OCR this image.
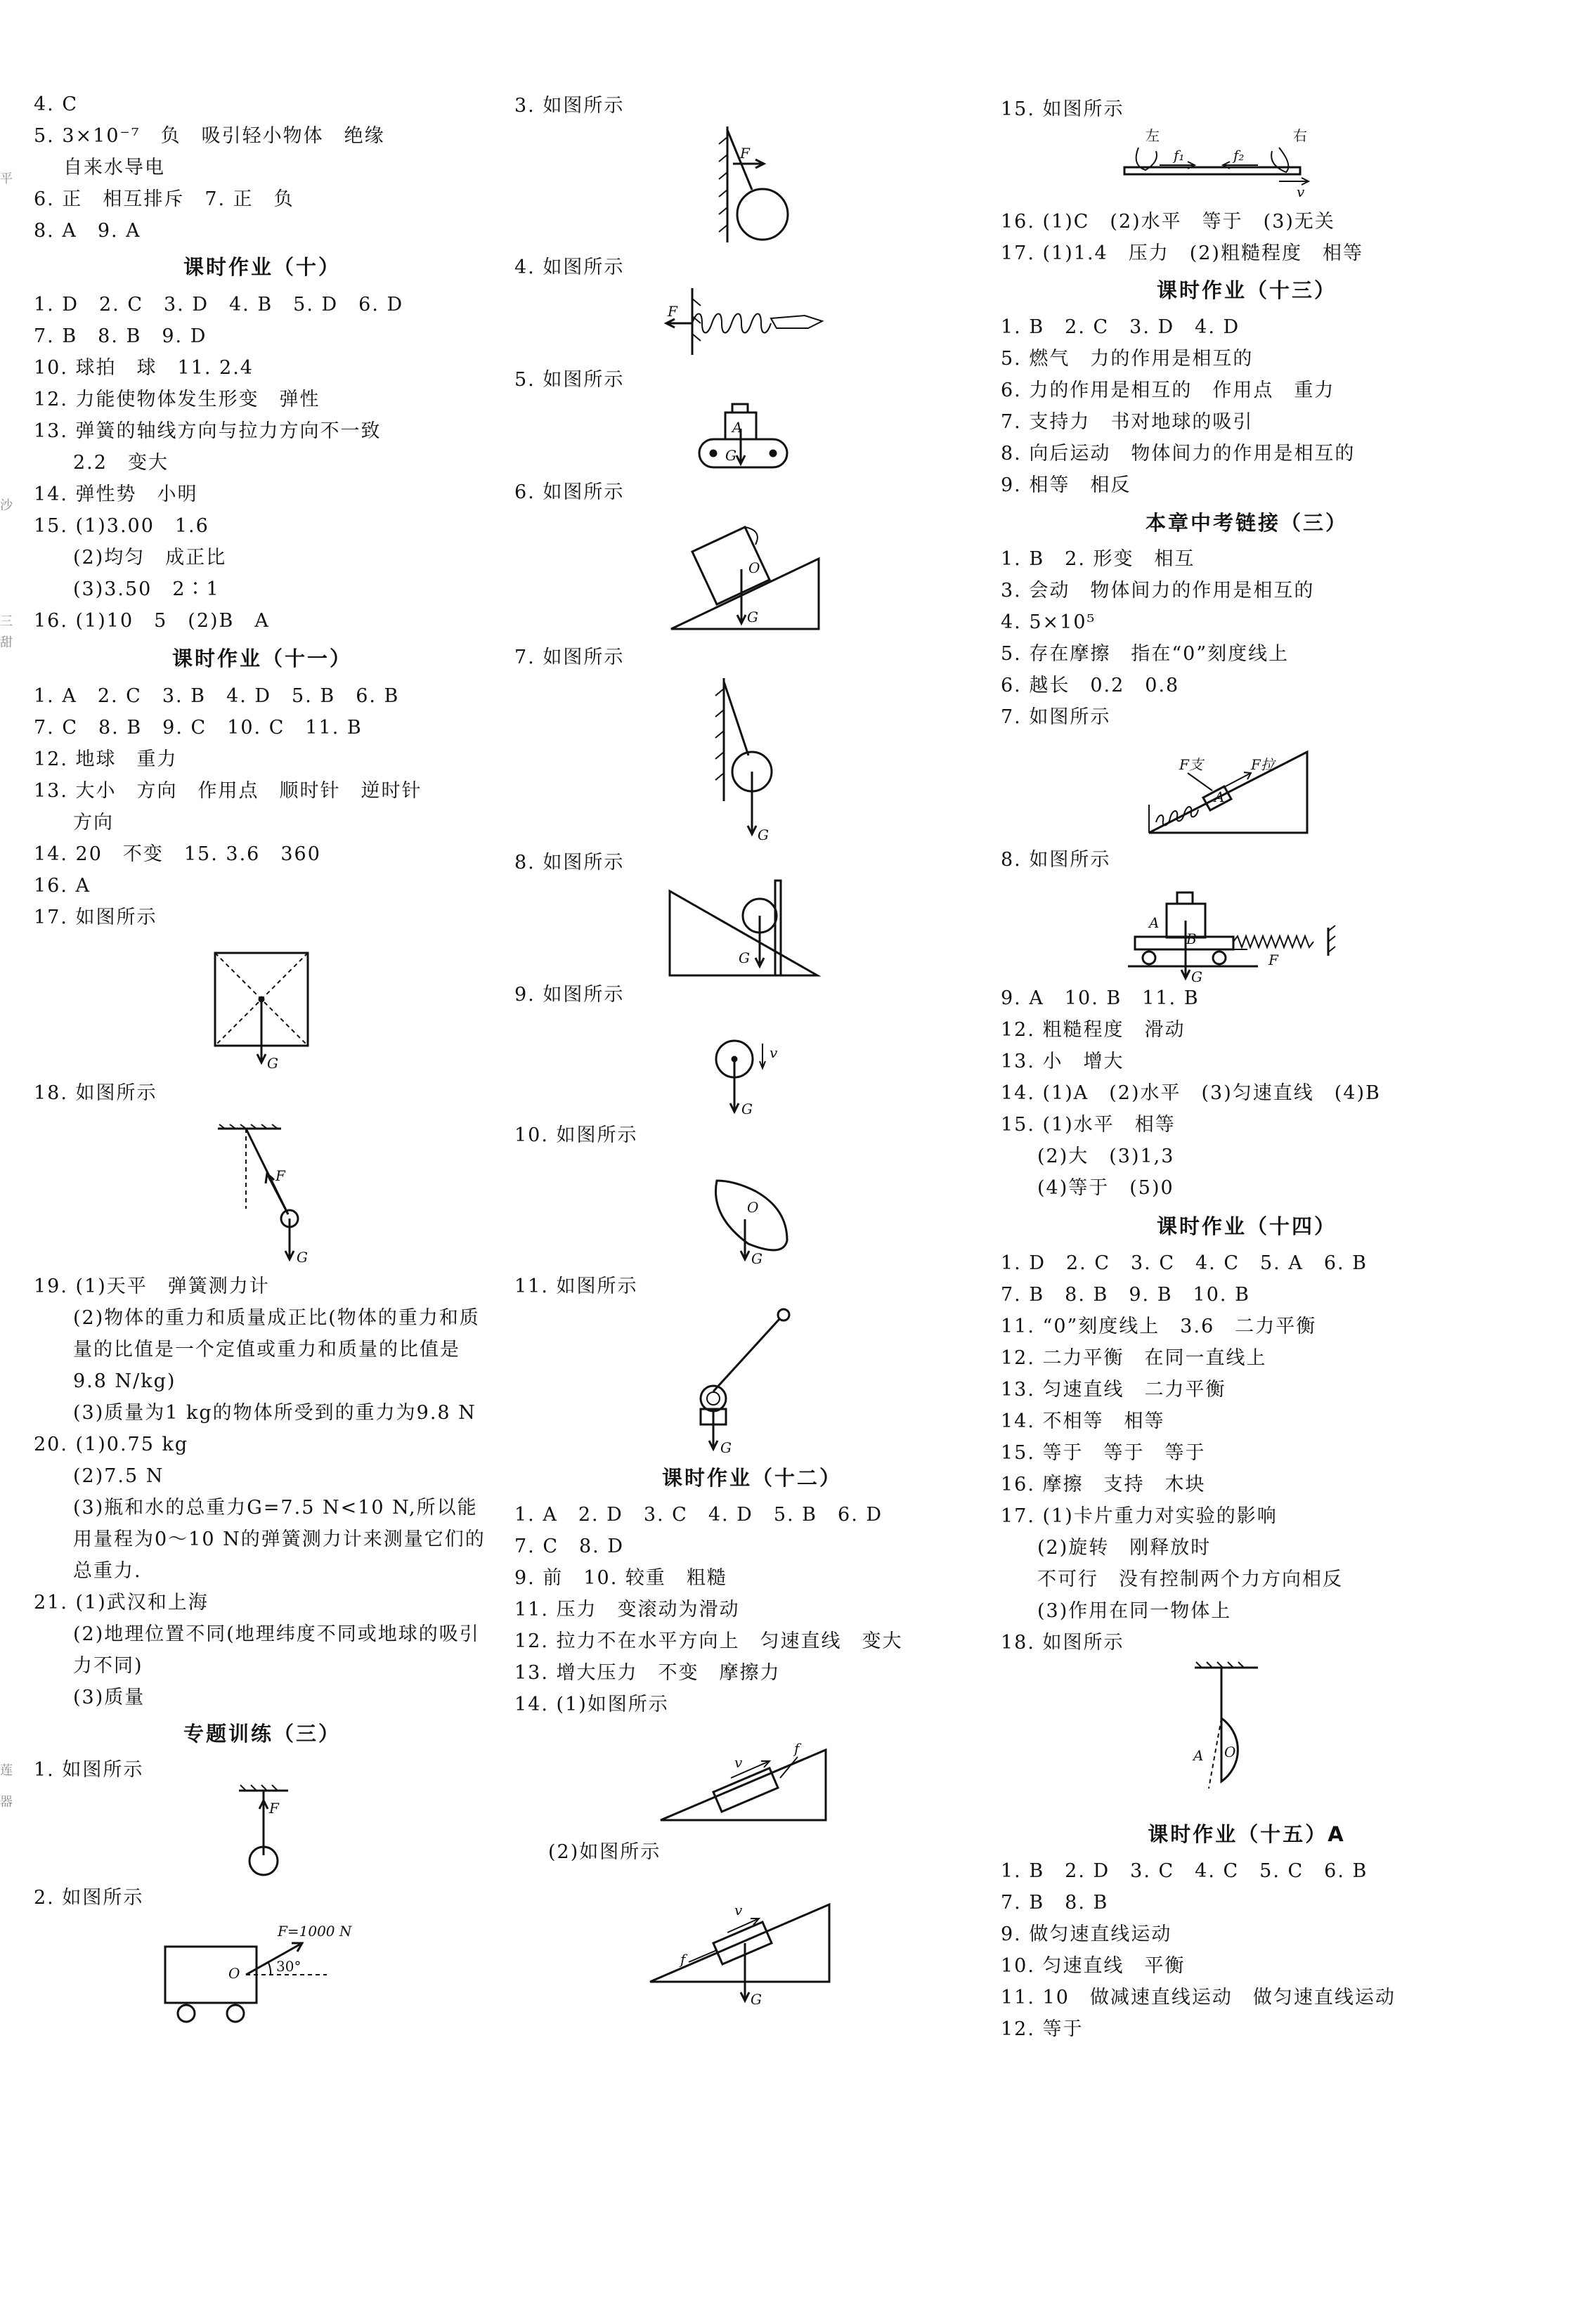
4. C
5. 3×10⁻⁷　负　吸引轻小物体　绝缘
自来水导电
6. 正　相互排斥　7. 正　负
8. A　9. A
课时作业（十）
1. D　2. C　3. D　4. B　5. D　6. D
7. B　8. B　9. D
10. 球拍　球　11. 2.4
12. 力能使物体发生形变　弹性
13. 弹簧的轴线方向与拉力方向不一致
2.2　变大
14. 弹性势　小明
15. (1)3.00　1.6
(2)均匀　成正比
(3)3.50　2∶1
16. (1)10　5　(2)B　A
课时作业（十一）
1. A　2. C　3. B　4. D　5. B　6. B
7. C　8. B　9. C　10. C　11. B
12. 地球　重力
13. 大小　方向　作用点　顺时针　逆时针
方向
14. 20　不变　15. 3.6　360
16. A
17. 如图所示
G
18. 如图所示
F
G
19. (1)天平　弹簧测力计
(2)物体的重力和质量成正比(物体的重力和质
量的比值是一个定值或重力和质量的比值是
9.8 N/kg)
(3)质量为1 kg的物体所受到的重力为9.8 N
20. (1)0.75 kg
(2)7.5 N
(3)瓶和水的总重力G=7.5 N<10 N,所以能
用量程为0～10 N的弹簧测力计来测量它们的
总重力.
21. (1)武汉和上海
(2)地理位置不同(地理纬度不同或地球的吸引
力不同)
(3)质量
专题训练（三）
1. 如图所示
F
2. 如图所示
O	30°
F=1000 N
3. 如图所示
F
4. 如图所示
F
5. 如图所示
A
G
6. 如图所示
O
G
7. 如图所示
G
8. 如图所示
G
9. 如图所示
G
v
10. 如图所示
O
G
11. 如图所示
G
课时作业（十二）
1. A　2. D　3. C　4. D　5. B　6. D
7. C　8. D
9. 前　10. 较重　粗糙
11. 压力　变滚动为滑动
12. 拉力不在水平方向上　匀速直线　变大
13. 增大压力　不变　摩擦力
14. (1)如图所示
v
f
(2)如图所示
v
f
G
15. 如图所示
左	右
f₁	f₂
v
16. (1)C　(2)水平　等于　(3)无关
17. (1)1.4　压力　(2)粗糙程度　相等
课时作业（十三）
1. B　2. C　3. D　4. D
5. 燃气　力的作用是相互的
6. 力的作用是相互的　作用点　重力
7. 支持力　书对地球的吸引
8. 向后运动　物体间力的作用是相互的
9. 相等　相反
本章中考链接（三）
1. B　2. 形变　相互
3. 会动　物体间力的作用是相互的
4. 5×10⁵
5. 存在摩擦　指在“0”刻度线上
6. 越长　0.2　0.8
7. 如图所示
A
F支	F拉
8. 如图所示
A
B
G
F
9. A　10. B　11. B
12. 粗糙程度　滑动
13. 小　增大
14. (1)A　(2)水平　(3)匀速直线　(4)B
15. (1)水平　相等
(2)大　(3)1,3
(4)等于　(5)0
课时作业（十四）
1. D　2. C　3. C　4. C　5. A　6. B
7. B　8. B　9. B　10. B
11. “0”刻度线上　3.6　二力平衡
12. 二力平衡　在同一直线上
13. 匀速直线　二力平衡
14. 不相等　相等
15. 等于　等于　等于
16. 摩擦　支持　木块
17. (1)卡片重力对实验的影响
(2)旋转　刚释放时
不可行　没有控制两个力方向相反
(3)作用在同一物体上
18. 如图所示
A O
课时作业（十五）A
1. B　2. D　3. C　4. C　5. C　6. B
7. B　8. B
9. 做匀速直线运动
10. 匀速直线　平衡
11. 10　做减速直线运动　做匀速直线运动
12. 等于
平
沙
三
甜
莲
器
